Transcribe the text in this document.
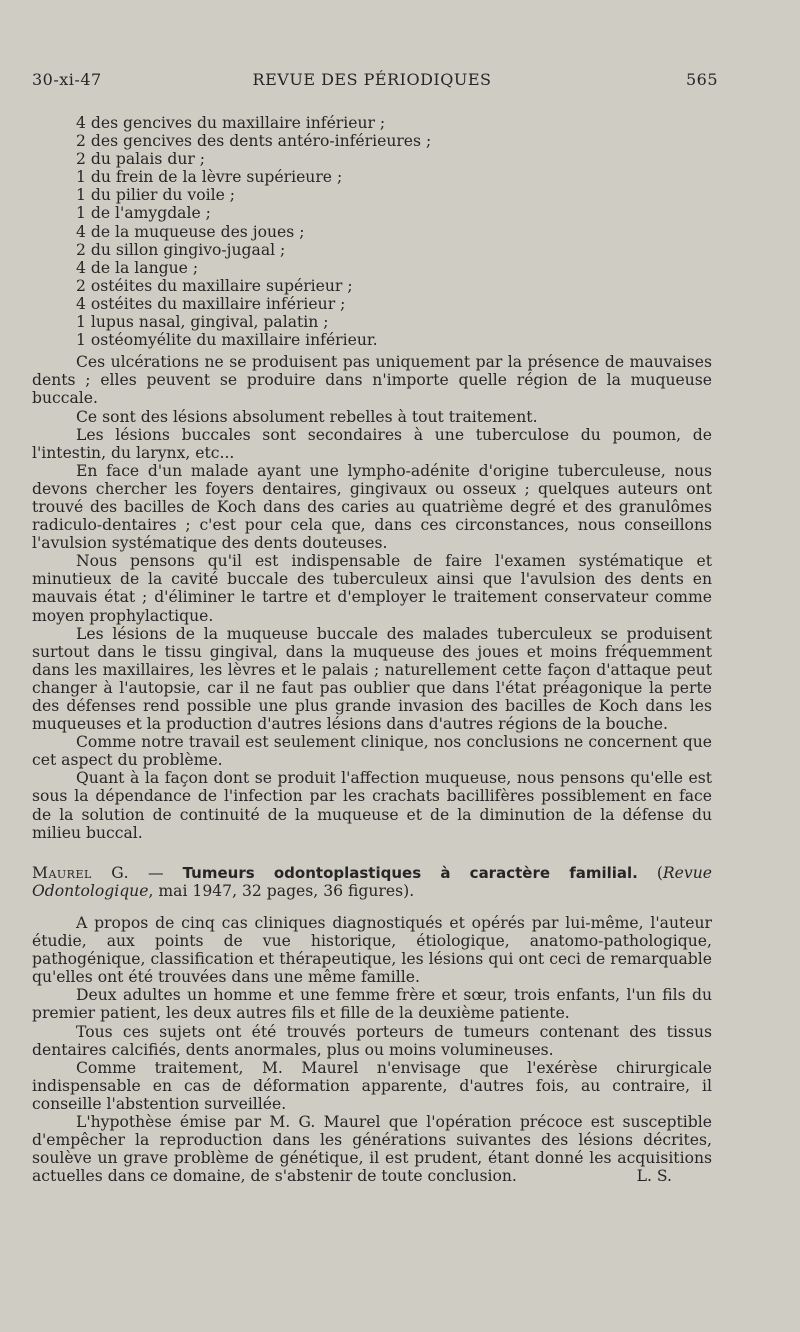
30-xi-47	REVUE DES PÉRIODIQUES	565
4 des gencives du maxillaire inférieur ;
2 des gencives des dents antéro-inférieures ;
2 du palais dur ;
1 du frein de la lèvre supérieure ;
1 du pilier du voile ;
1 de l'amygdale ;
4 de la muqueuse des joues ;
2 du sillon gingivo-jugaal ;
4 de la langue ;
2 ostéites du maxillaire supérieur ;
4 ostéites du maxillaire inférieur ;
1 lupus nasal, gingival, palatin ;
1 ostéomyélite du maxillaire inférieur.

Ces ulcérations ne se produisent pas uniquement par la présence de mauvaises dents ; elles peuvent se produire dans n'importe quelle région de la muqueuse buccale.

Ce sont des lésions absolument rebelles à tout traitement.

Les lésions buccales sont secondaires à une tuberculose du poumon, de l'intestin, du larynx, etc...

En face d'un malade ayant une lympho-adénite d'origine tuberculeuse, nous devons chercher les foyers dentaires, gingivaux ou osseux ; quelques auteurs ont trouvé des bacilles de Koch dans des caries au quatrième degré et des granulômes radiculo-dentaires ; c'est pour cela que, dans ces circonstances, nous conseillons l'avulsion systématique des dents douteuses.

Nous pensons qu'il est indispensable de faire l'examen systématique et minutieux de la cavité buccale des tuberculeux ainsi que l'avulsion des dents en mauvais état ; d'éliminer le tartre et d'employer le traitement conservateur comme moyen prophylactique.

Les lésions de la muqueuse buccale des malades tuberculeux se produisent surtout dans le tissu gingival, dans la muqueuse des joues et moins fréquemment dans les maxillaires, les lèvres et le palais ; naturellement cette façon d'attaque peut changer à l'autopsie, car il ne faut pas oublier que dans l'état préagonique la perte des défenses rend possible une plus grande invasion des bacilles de Koch dans les muqueuses et la production d'autres lésions dans d'autres régions de la bouche.

Comme notre travail est seulement clinique, nos conclusions ne concernent que cet aspect du problème.

Quant à la façon dont se produit l'affection muqueuse, nous pensons qu'elle est sous la dépendance de l'infection par les crachats bacillifères possiblement en face de la solution de continuité de la muqueuse et de la diminution de la défense du milieu buccal.

Maurel G. — Tumeurs odontoplastiques à caractère familial. (Revue Odontologique, mai 1947, 32 pages, 36 figures).

A propos de cinq cas cliniques diagnostiqués et opérés par lui-même, l'auteur étudie, aux points de vue historique, étiologique, anatomo-pathologique, pathogénique, classification et thérapeutique, les lésions qui ont ceci de remarquable qu'elles ont été trouvées dans une même famille.

Deux adultes un homme et une femme frère et sœur, trois enfants, l'un fils du premier patient, les deux autres fils et fille de la deuxième patiente.

Tous ces sujets ont été trouvés porteurs de tumeurs contenant des tissus dentaires calcifiés, dents anormales, plus ou moins volumineuses.

Comme traitement, M. Maurel n'envisage que l'exérèse chirurgicale indispensable en cas de déformation apparente, d'autres fois, au contraire, il conseille l'abstention surveillée.

L'hypothèse émise par M. G. Maurel que l'opération précoce est susceptible d'empêcher la reproduction dans les générations suivantes des lésions décrites, soulève un grave problème de génétique, il est prudent, étant donné les acquisitions actuelles dans ce domaine, de s'abstenir de toute conclusion.	L. S.
